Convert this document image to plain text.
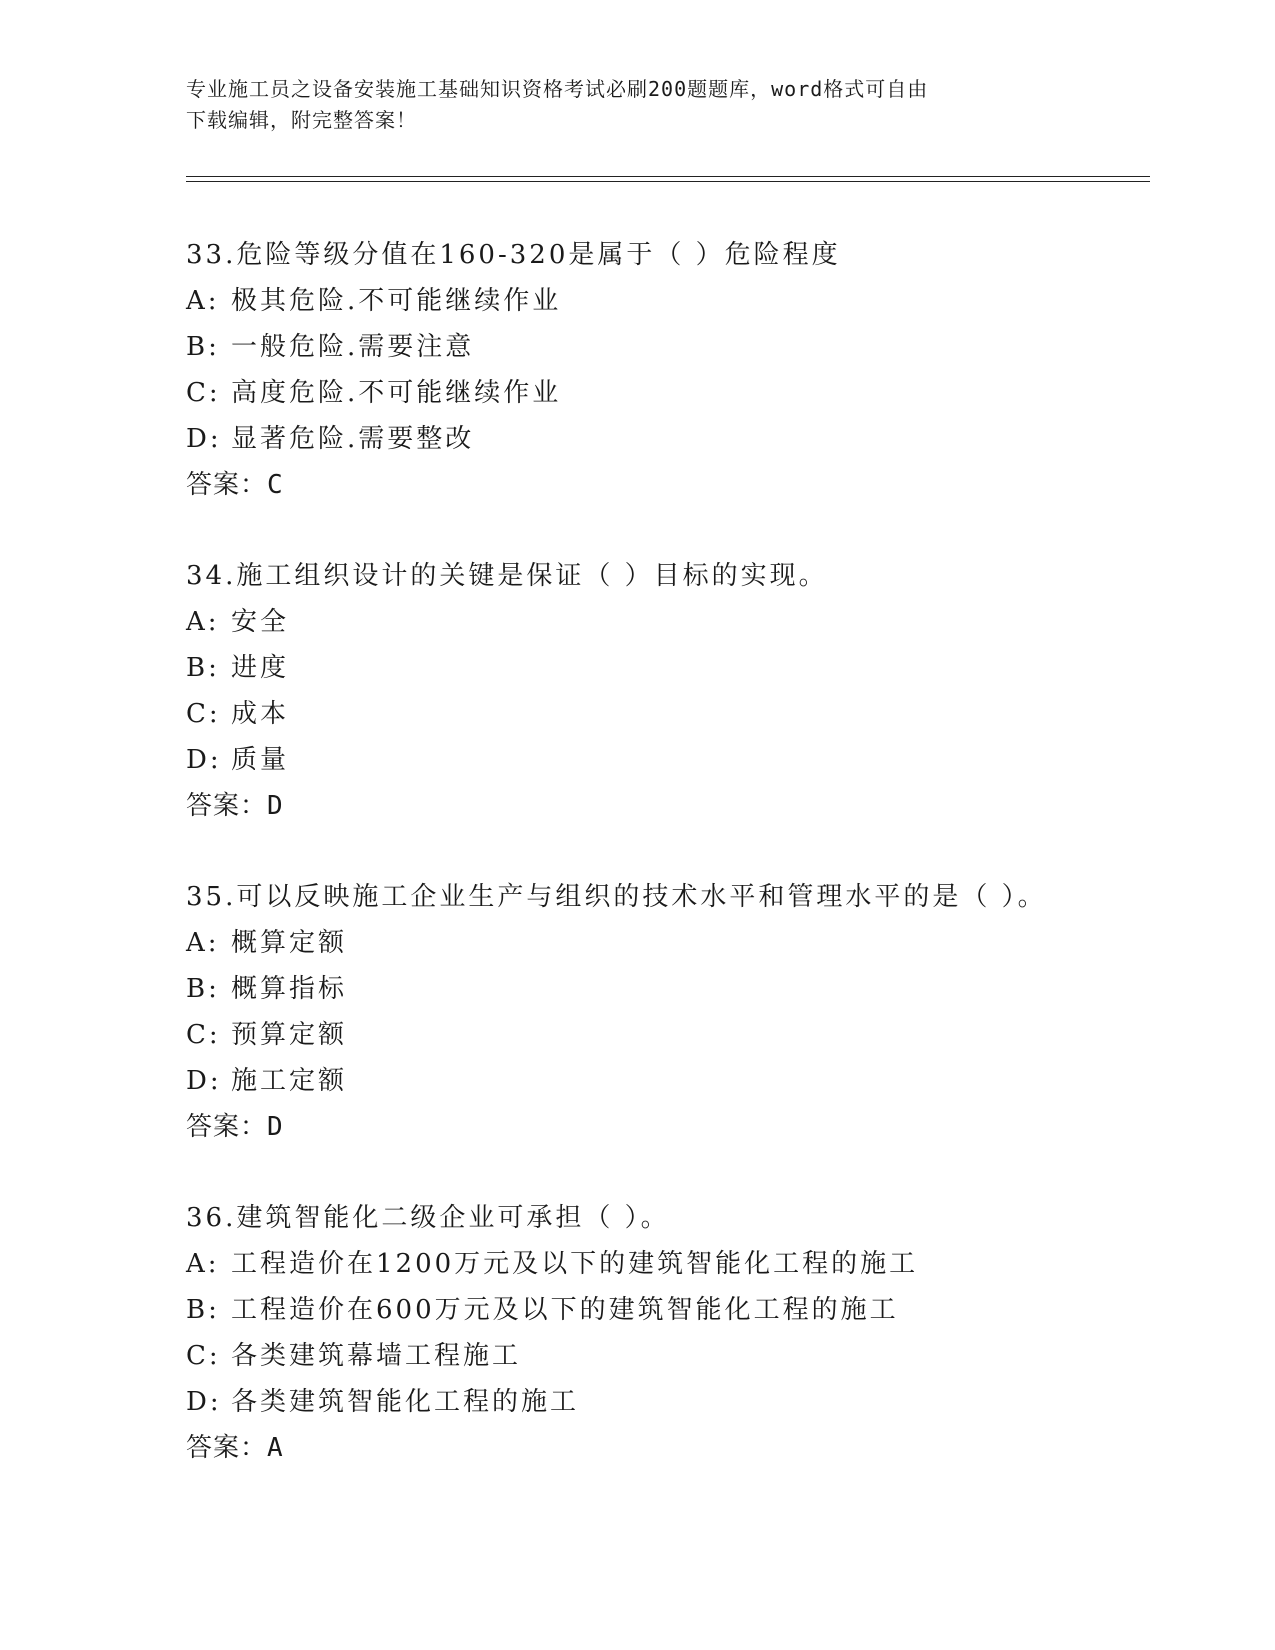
专业施工员之设备安装施工基础知识资格考试必刷200题题库，word格式可自由
下载编辑，附完整答案！
33.危险等级分值在160-320是属于（ ）危险程度
A: 极其危险.不可能继续作业
B: 一般危险.需要注意
C: 高度危险.不可能继续作业
D: 显著危险.需要整改
答案：C
34.施工组织设计的关键是保证（ ）目标的实现。
A: 安全
B: 进度
C: 成本
D: 质量
答案：D
35.可以反映施工企业生产与组织的技术水平和管理水平的是（ ）。
A: 概算定额
B: 概算指标
C: 预算定额
D: 施工定额
答案：D
36.建筑智能化二级企业可承担（ ）。
A: 工程造价在1200万元及以下的建筑智能化工程的施工
B: 工程造价在600万元及以下的建筑智能化工程的施工
C: 各类建筑幕墙工程施工
D: 各类建筑智能化工程的施工
答案：A
